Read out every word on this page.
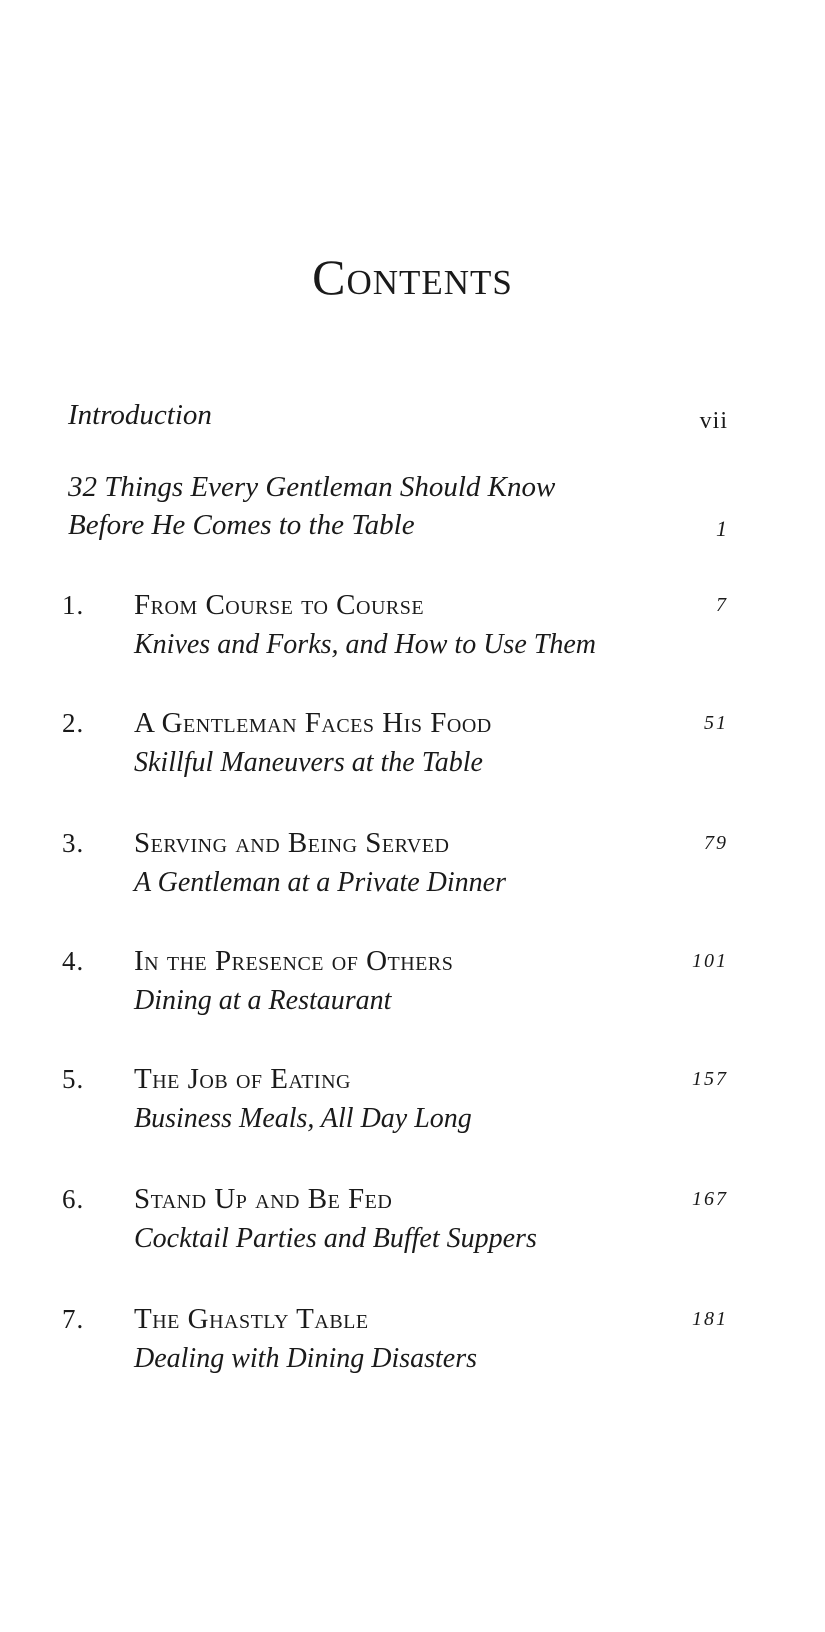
Contents
Introduction	vii
32 Things Every Gentleman Should Know
Before He Comes to the Table	1
1. From Course to Course
Knives and Forks, and How to Use Them
7
2. A Gentleman Faces His Food
Skillful Maneuvers at the Table
51
3. Serving and Being Served
A Gentleman at a Private Dinner
79
4. In the Presence of Others
Dining at a Restaurant
101
5. The Job of Eating
Business Meals, All Day Long
157
6. Stand Up and Be Fed
Cocktail Parties and Buffet Suppers
167
7. The Ghastly Table
Dealing with Dining Disasters
181
